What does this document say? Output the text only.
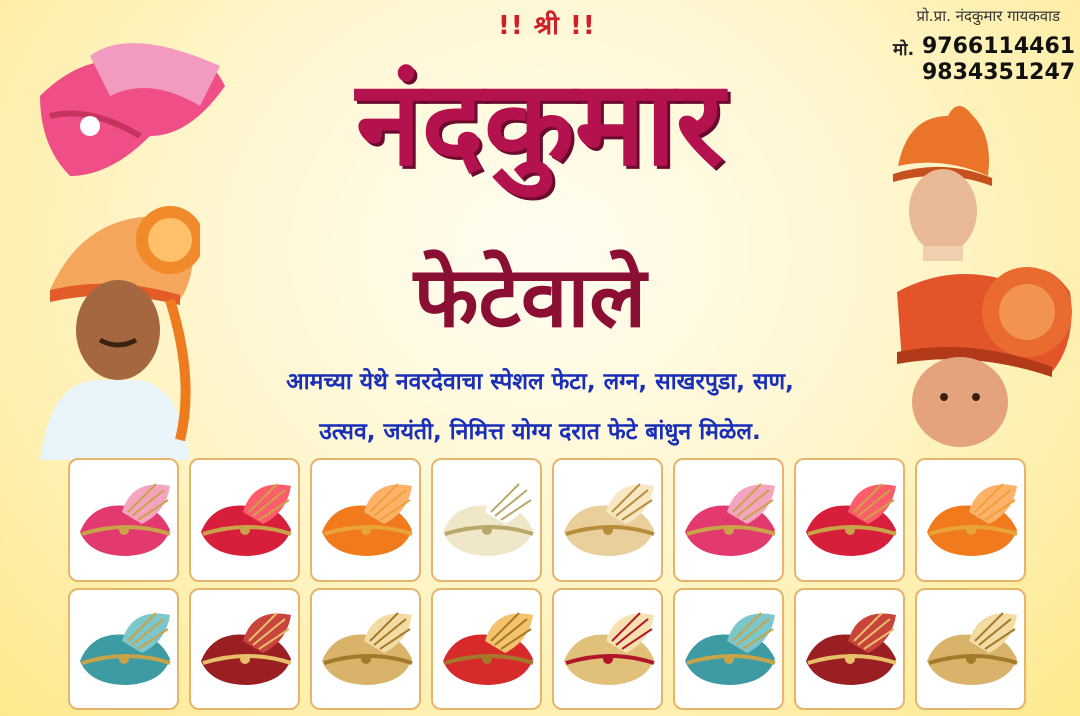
!! श्री !!	प्रो.प्रा. नंदकुमार गायकवाड
मो. 9766114461
9834351247
नंदकुमार
फेटेवाले
आमच्या येथे नवरदेवाचा स्पेशल फेटा, लग्न, साखरपुडा, सण,
उत्सव, जयंती, निमित्त योग्य दरात फेटे बांधुन मिळेल.
